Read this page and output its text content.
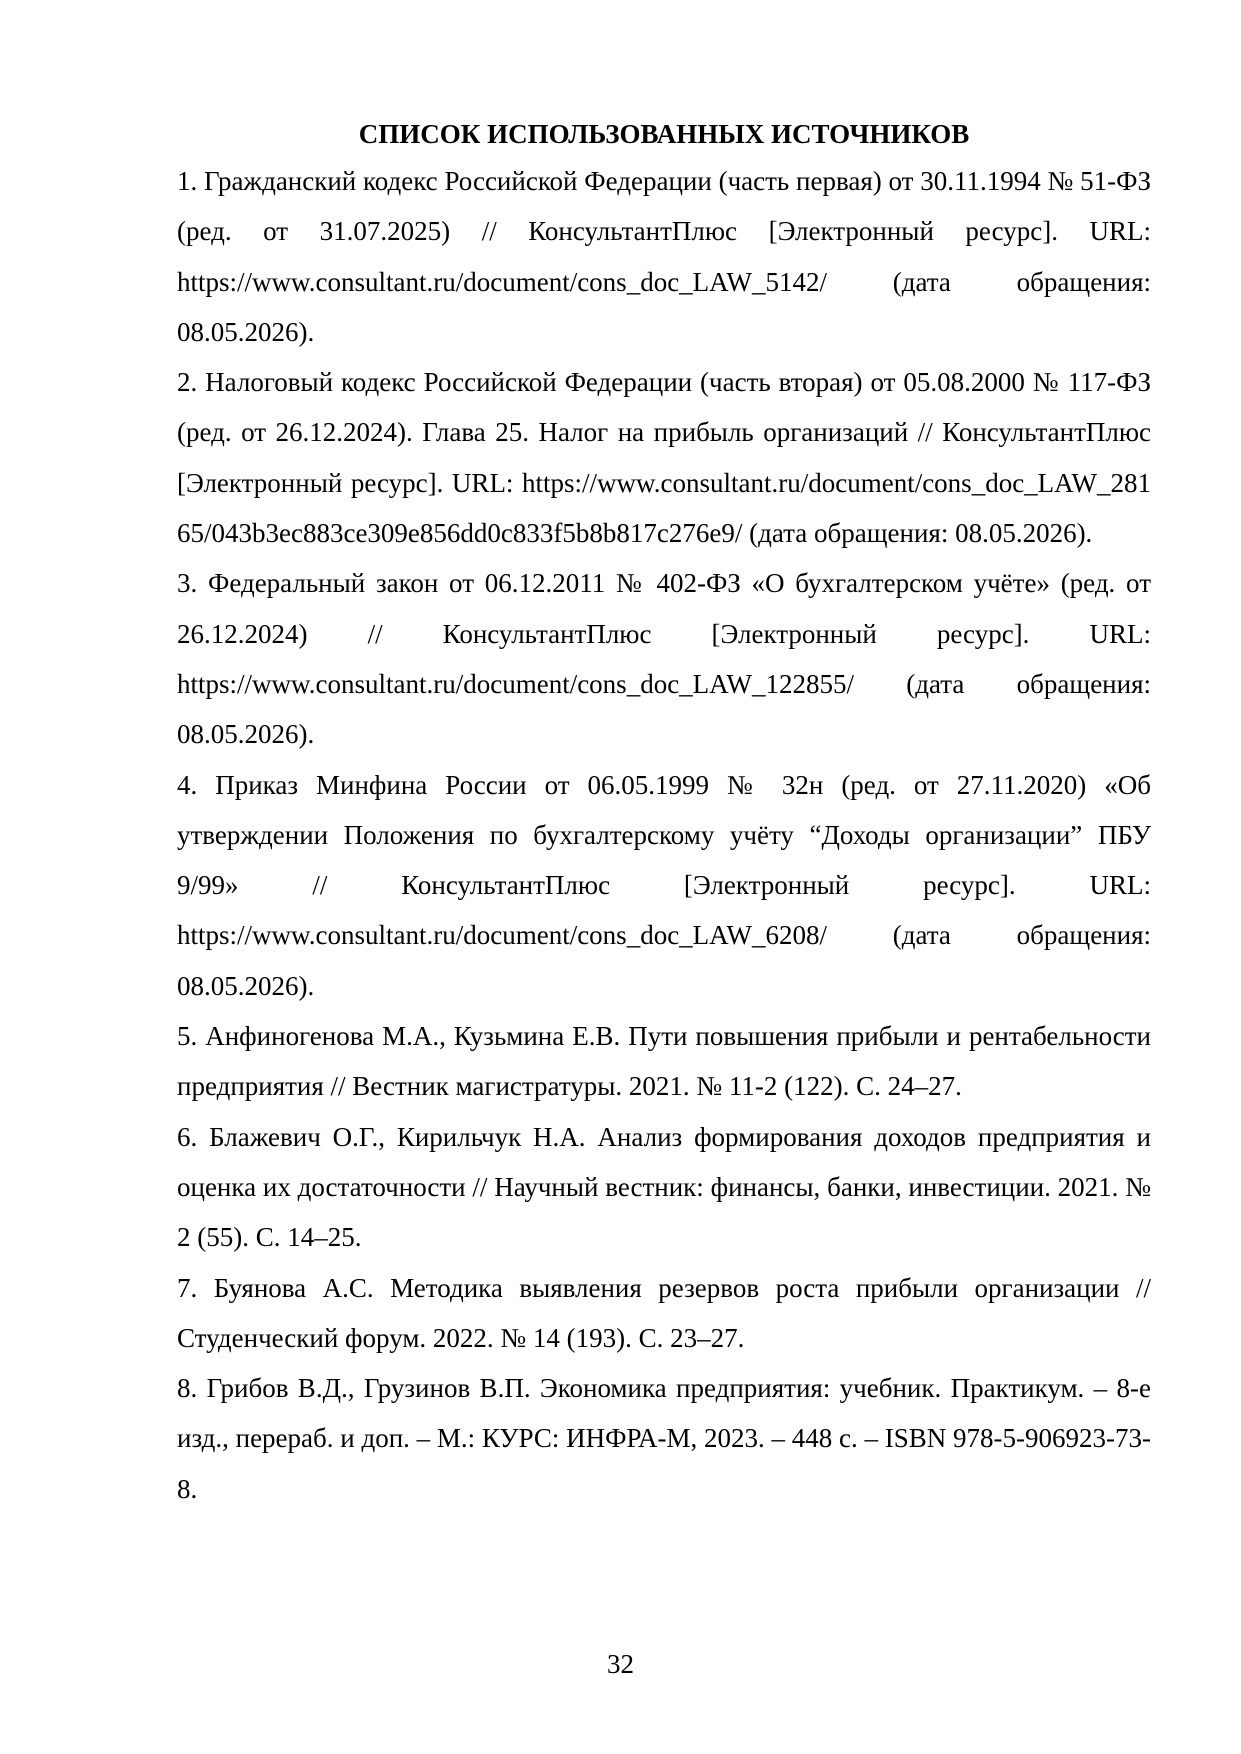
СПИСОК ИСПОЛЬЗОВАННЫХ ИСТОЧНИКОВ
1. Гражданский кодекс Российской Федерации (часть первая) от 30.11.1994 № 51-ФЗ (ред. от 31.07.2025) // КонсультантПлюс [Электронный ресурс]. URL: https://www.consultant.ru/document/cons_doc_LAW_5142/ (дата обращения: 08.05.2026).
2. Налоговый кодекс Российской Федерации (часть вторая) от 05.08.2000 № 117-ФЗ (ред. от 26.12.2024). Глава 25. Налог на прибыль организаций // КонсультантПлюс [Электронный ресурс]. URL: https://www.consultant.ru/document/cons_doc_LAW_28165/043b3ec883ce309e856dd0c833f5b8b817c276e9/ (дата обращения: 08.05.2026).
3. Федеральный закон от 06.12.2011 № 402-ФЗ «О бухгалтерском учёте» (ред. от 26.12.2024) // КонсультантПлюс [Электронный ресурс]. URL: https://www.consultant.ru/document/cons_doc_LAW_122855/ (дата обращения: 08.05.2026).
4. Приказ Минфина России от 06.05.1999 № 32н (ред. от 27.11.2020) «Об утверждении Положения по бухгалтерскому учёту “Доходы организации” ПБУ 9/99» // КонсультантПлюс [Электронный ресурс]. URL: https://www.consultant.ru/document/cons_doc_LAW_6208/ (дата обращения: 08.05.2026).
5. Анфиногенова М.А., Кузьмина Е.В. Пути повышения прибыли и рентабельности предприятия // Вестник магистратуры. 2021. № 11-2 (122). С. 24–27.
6. Блажевич О.Г., Кирильчук Н.А. Анализ формирования доходов предприятия и оценка их достаточности // Научный вестник: финансы, банки, инвестиции. 2021. № 2 (55). С. 14–25.
7. Буянова А.С. Методика выявления резервов роста прибыли организации // Студенческий форум. 2022. № 14 (193). С. 23–27.
8. Грибов В.Д., Грузинов В.П. Экономика предприятия: учебник. Практикум. – 8-е изд., перераб. и доп. – М.: КУРС: ИНФРА-М, 2023. – 448 с. – ISBN 978-5-906923-73-8.
32
